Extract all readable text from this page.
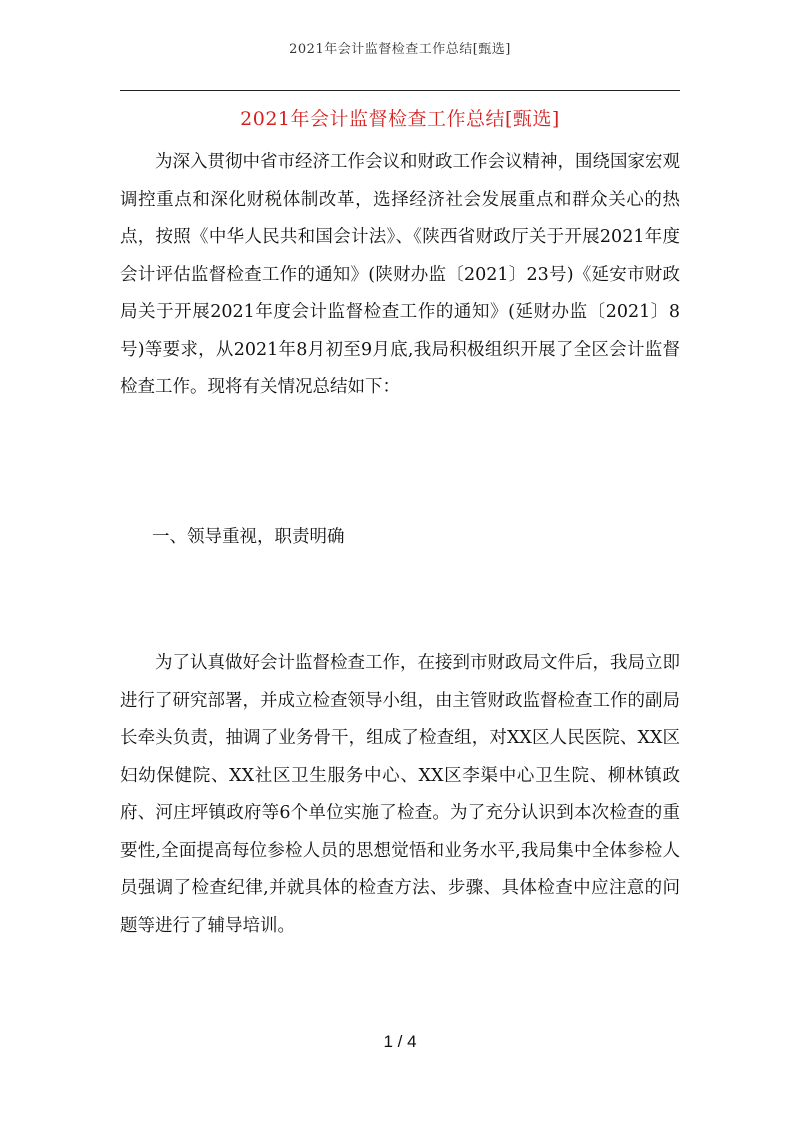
2021年会计监督检查工作总结[甄选]
2021年会计监督检查工作总结[甄选]

为深入贯彻中省市经济工作会议和财政工作会议精神，围绕国家宏观调控重点和深化财税体制改革，选择经济社会发展重点和群众关心的热点，按照《中华人民共和国会计法》、《陕西省财政厅关于开展2021年度会计评估监督检查工作的通知》(陕财办监〔2021〕23号)《延安市财政局关于开展2021年度会计监督检查工作的通知》(延财办监〔2021〕8号)等要求，从2021年8月初至9月底,我局积极组织开展了全区会计监督检查工作。现将有关情况总结如下：

一、领导重视，职责明确

为了认真做好会计监督检查工作，在接到市财政局文件后，我局立即进行了研究部署，并成立检查领导小组，由主管财政监督检查工作的副局长牵头负责，抽调了业务骨干，组成了检查组，对XX区人民医院、XX区妇幼保健院、XX社区卫生服务中心、XX区李渠中心卫生院、柳林镇政府、河庄坪镇政府等6个单位实施了检查。为了充分认识到本次检查的重要性,全面提高每位参检人员的思想觉悟和业务水平,我局集中全体参检人员强调了检查纪律,并就具体的检查方法、步骤、具体检查中应注意的问题等进行了辅导培训。

1 / 4
